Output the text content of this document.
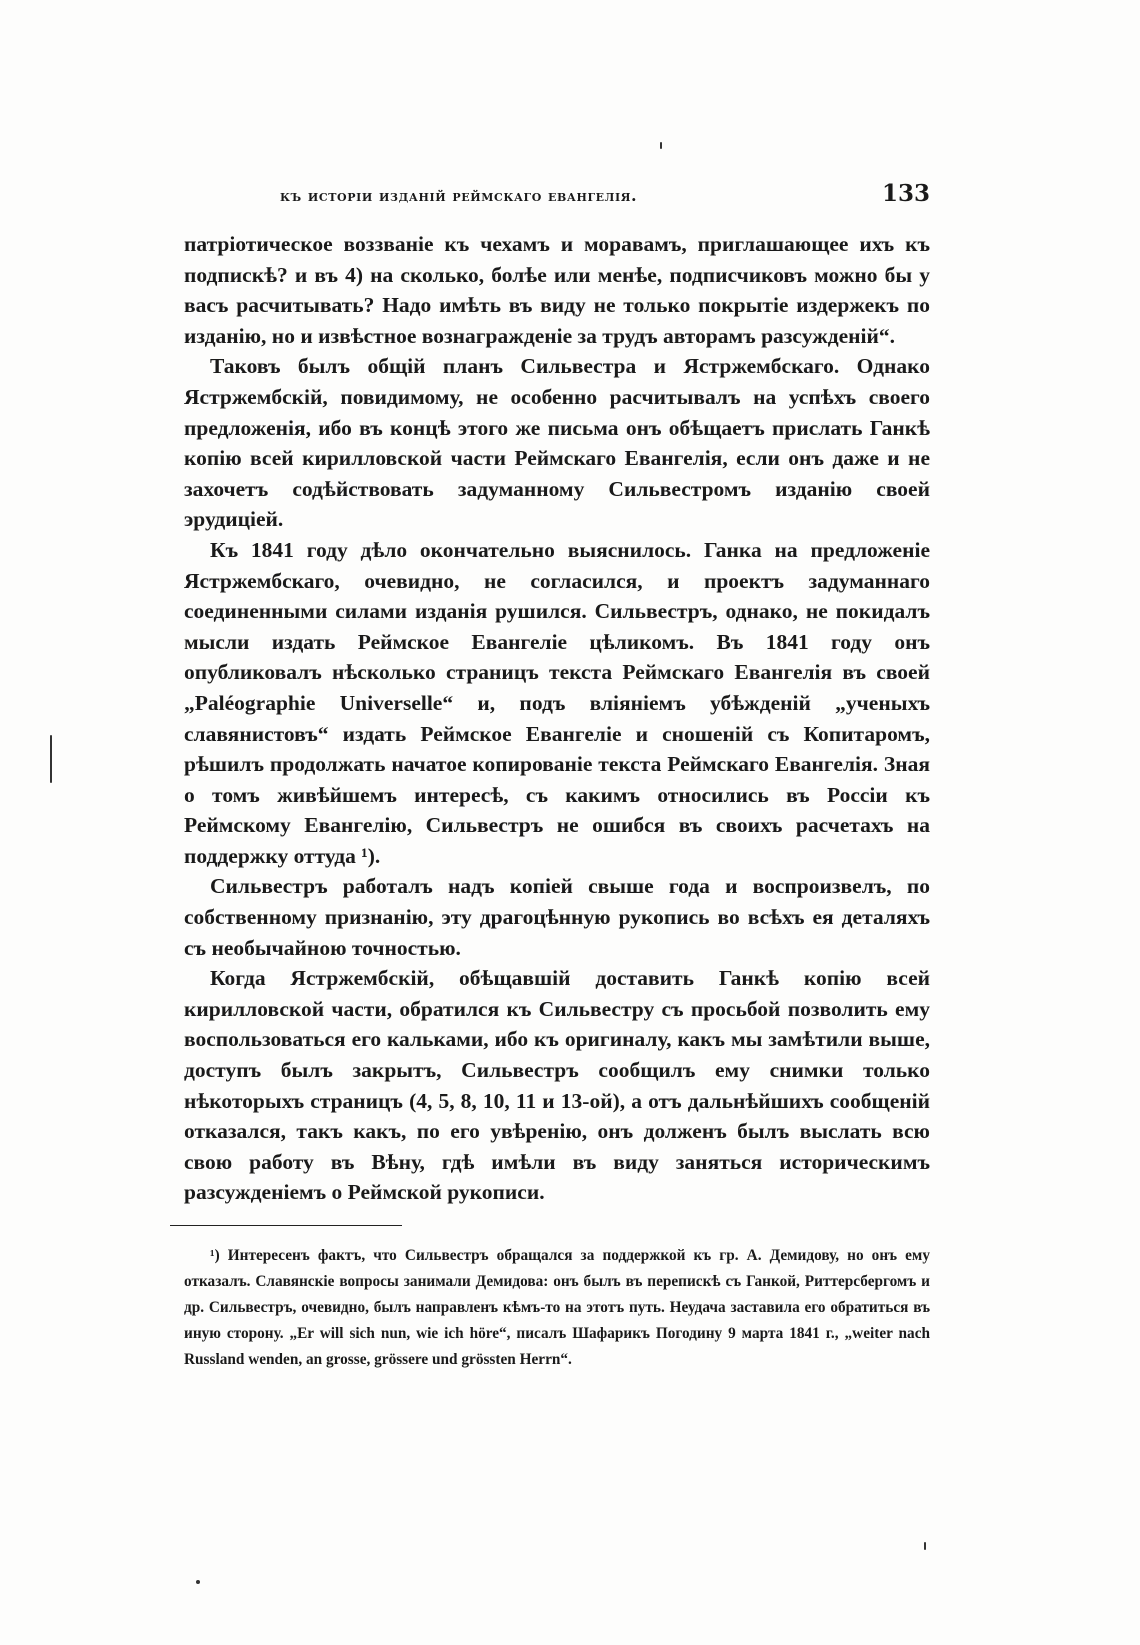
къ исторіи изданій реймскаго евангелія.	133

патріотическое воззваніе къ чехамъ и моравамъ, приглашающее ихъ къ подпискѣ? и въ 4) на сколько, болѣе или менѣе, подписчиковъ можно бы у васъ расчитывать? Надо имѣть въ виду не только покрытіе издержекъ по изданію, но и извѣстное вознагражденіе за трудъ авторамъ разсужденій“.

Таковъ былъ общій планъ Сильвестра и Ястржембскаго. Однако Ястржембскій, повидимому, не особенно расчитывалъ на успѣхъ своего предложенія, ибо въ концѣ этого же письма онъ обѣщаетъ прислать Ганкѣ копію всей кирилловской части Реймскаго Евангелія, если онъ даже и не захочетъ содѣйствовать задуманному Сильвестромъ изданію своей эрудиціей.

Къ 1841 году дѣло окончательно выяснилось. Ганка на предложеніе Ястржембскаго, очевидно, не согласился, и проектъ задуманнаго соединенными силами изданія рушился. Сильвестръ, однако, не покидалъ мысли издать Реймское Евангеліе цѣликомъ. Въ 1841 году онъ опубликовалъ нѣсколько страницъ текста Реймскаго Евангелія въ своей „Paléographie Universelle“ и, подъ вліяніемъ убѣжденій „ученыхъ славянистовъ“ издать Реймское Евангеліе и сношеній съ Копитаромъ, рѣшилъ продолжать начатое копированіе текста Реймскаго Евангелія. Зная о томъ живѣйшемъ интересѣ, съ какимъ относились въ Россіи къ Реймскому Евангелію, Сильвестръ не ошибся въ своихъ расчетахъ на поддержку оттуда ¹).

Сильвестръ работалъ надъ копіей свыше года и воспроизвелъ, по собственному признанію, эту драгоцѣнную рукопись во всѣхъ ея деталяхъ съ необычайною точностью.

Когда Ястржембскій, обѣщавшій доставить Ганкѣ копію всей кирилловской части, обратился къ Сильвестру съ просьбой позволить ему воспользоваться его кальками, ибо къ оригиналу, какъ мы замѣтили выше, доступъ былъ закрытъ, Сильвестръ сообщилъ ему снимки только нѣкоторыхъ страницъ (4, 5, 8, 10, 11 и 13-ой), а отъ дальнѣйшихъ сообщеній отказался, такъ какъ, по его увѣренію, онъ долженъ былъ выслать всю свою работу въ Вѣну, гдѣ имѣли въ виду заняться историческимъ разсужденіемъ о Реймской рукописи.

¹) Интересенъ фактъ, что Сильвестръ обращался за поддержкой къ гр. А. Демидову, но онъ ему отказалъ. Славянскіе вопросы занимали Демидова: онъ былъ въ перепискѣ съ Ганкой, Риттерсбергомъ и др. Сильвестръ, очевидно, былъ направленъ кѣмъ-то на этотъ путь. Неудача заставила его обратиться въ иную сторону. „Er will sich nun, wie ich höre“, писалъ Шафарикъ Погодину 9 марта 1841 г., „weiter nach Russland wenden, an grosse, grössere und grössten Herrn“.
